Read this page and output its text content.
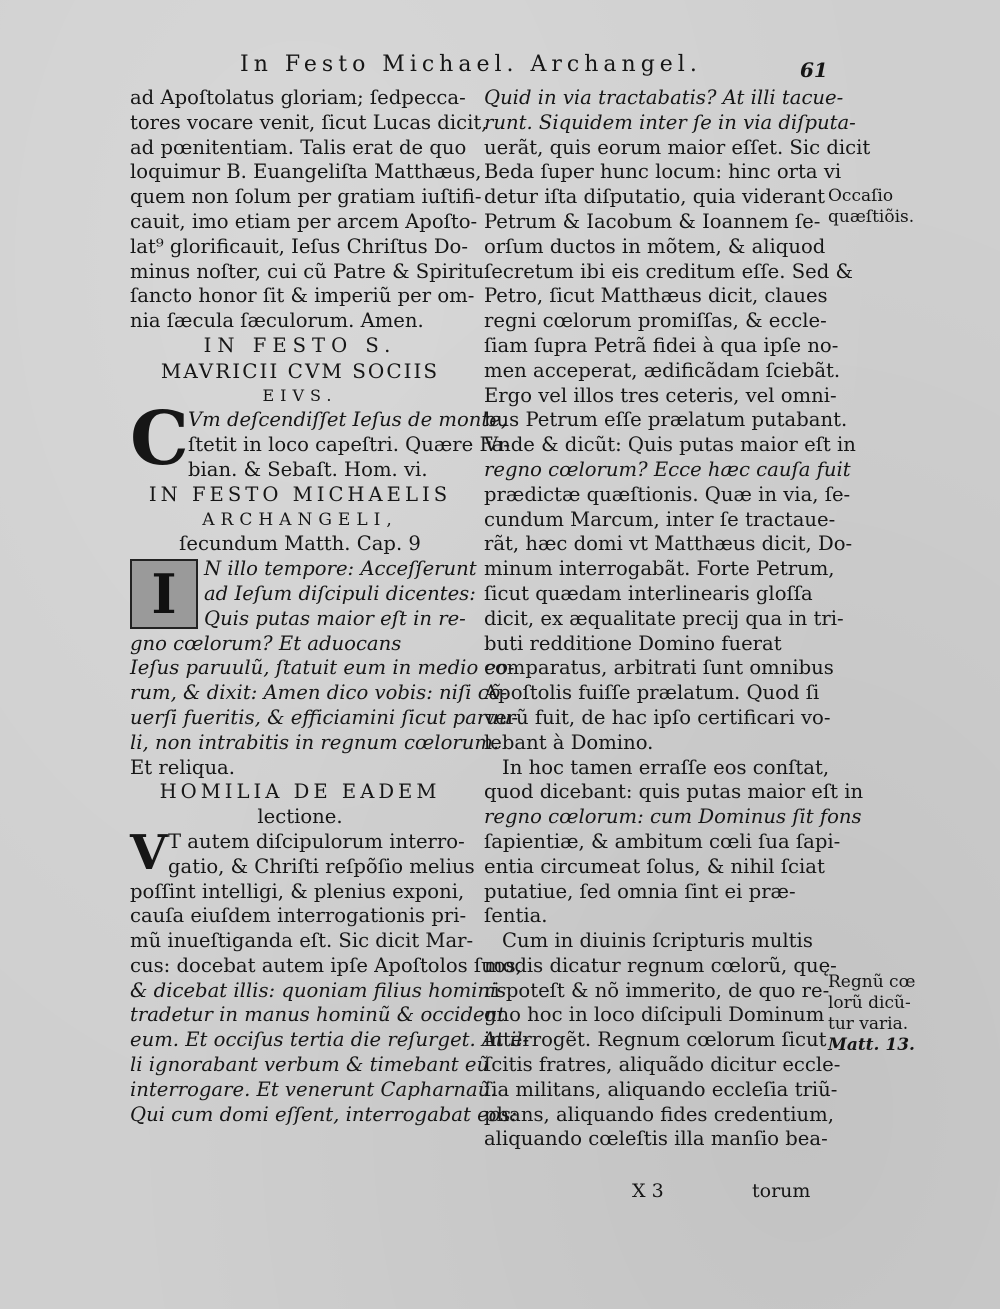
In Festo Michael. Archangel.	61
ad Apoſtolatus gloriam; ſedpecca-
tores vocare venit, ſicut Lucas dicit,
ad pœnitentiam. Talis erat de quo
loquimur B. Euangeliſta Matthæus,
quem non ſolum per gratiam iuſtifi-
cauit, imo etiam per arcem Apoſto-
lat⁹ glorificauit, Ieſus Chriſtus Do-
minus noſter, cui cũ Patre & Spiritu
ſancto honor ſit & imperiũ per om-
nia ſæcula ſæculorum. Amen.
IN FESTO S.
MAVRICII CVM SOCIIS
EIVS.
C Vm deſcendiſſet Ieſus de monte,
ſtetit in loco capeſtri. Quære Fa-
bian. & Sebaſt. Hom. vi.
IN FESTO MICHAELIS
ARCHANGELI,
ſecundum Matth. Cap. 9
I	N illo tempore: Acceſſerunt
ad Ieſum diſcipuli dicentes:
Quis putas maior eſt in re-
gno cœlorum? Et aduocans
Ieſus paruulũ, ſtatuit eum in medio eo-
rum, & dixit: Amen dico vobis: niſi cõ-
uerſi fueritis, & efficiamini ſicut paruu-
li, non intrabitis in regnum cœlorum.
Et reliqua.
HOMILIA DE EADEM
lectione.
V T autem diſcipulorum interro-
gatio, & Chriſti reſpõſio melius
poſſint intelligi, & plenius exponi,
cauſa eiuſdem interrogationis pri-
mũ inueſtiganda eſt. Sic dicit Mar-
cus: docebat autem ipſe Apoſtolos ſuos,
& dicebat illis: quoniam filius hominis
tradetur in manus hominũ & occident
eum. Et occiſus tertia die reſurget. At il-
li ignorabant verbum & timebant eũ
interrogare. Et venerunt Capharnaũ.
Qui cum domi eſſent, interrogabat eos:
Quid in via tractabatis? At illi tacue-
runt. Siquidem inter ſe in via diſputa-
uerãt, quis eorum maior eſſet. Sic dicit
Beda ſuper hunc locum: hinc orta vi
detur iſta diſputatio, quia viderant
Petrum & Iacobum & Ioannem ſe-
orſum ductos in mõtem, & aliquod
ſecretum ibi eis creditum eſſe. Sed &
Petro, ſicut Matthæus dicit, claues
regni cœlorum promiſſas, & eccle-
ſiam ſupra Petrã fidei à qua ipſe no-
men acceperat, ædificãdam ſciebãt.
Ergo vel illos tres ceteris, vel omni-
bus Petrum eſſe prælatum putabant.
Vnde & dicũt: Quis putas maior eſt in
regno cœlorum? Ecce hæc cauſa fuit
prædictæ quæſtionis. Quæ in via, ſe-
cundum Marcum, inter ſe tractaue-
rãt, hæc domi vt Matthæus dicit, Do-
minum interrogabãt. Forte Petrum,
ſicut quædam interlinearis gloſſa
dicit, ex æqualitate precij qua in tri-
buti redditione Domino fuerat
comparatus, arbitrati ſunt omnibus
Apoſtolis fuiſſe prælatum. Quod ſi
verũ fuit, de hac ipſo certificari vo-
lebant à Domino.
In hoc tamen erraſſe eos conſtat,
quod dicebant: quis putas maior eſt in
regno cœlorum: cum Dominus ſit fons
ſapientiæ, & ambitum cœli ſua ſapi-
entia circumeat ſolus, & nihil ſciat
putatiue, ſed omnia ſint ei præ-
ſentia.
Cum in diuinis ſcripturis multis
modis dicatur regnum cœlorũ, quę-
ri poteſt & nõ immerito, de quo re-
gno hoc in loco diſcipuli Dominum
interrogẽt. Regnum cœlorum ſicut
ſcitis fratres, aliquãdo dicitur eccle-
ſia militans, aliquando eccleſia triũ-
phans, aliquando fides credentium,
aliquando cœleſtis illa manſio bea-
Occaſio
quæſtiõis.
Regnũ cœ
lorũ dicũ-
tur varia.
Matt. 13.
X 3	torum
